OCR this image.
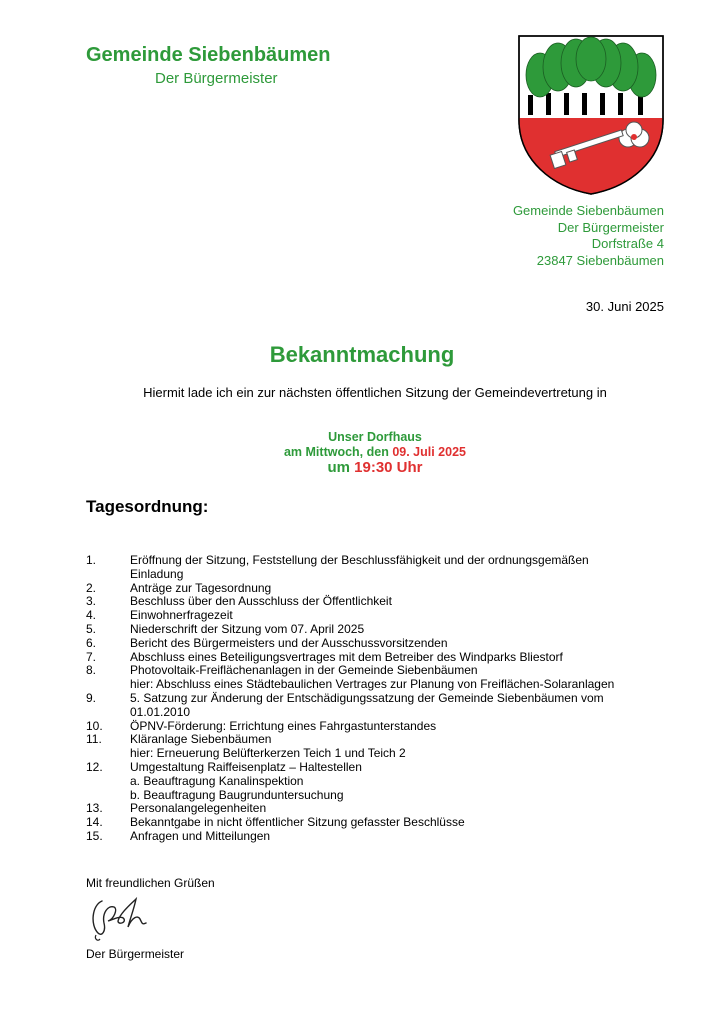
Gemeinde Siebenbäumen
Der Bürgermeister
Gemeinde Siebenbäumen
Der Bürgermeister
Dorfstraße 4
23847 Siebenbäumen
30. Juni 2025
Bekanntmachung
Hiermit lade ich ein zur nächsten öffentlichen Sitzung der Gemeindevertretung in
Unser Dorfhaus
am Mittwoch, den 09. Juli 2025
um 19:30 Uhr
Tagesordnung:
1.	Eröffnung der Sitzung, Feststellung der Beschlussfähigkeit und der ordnungsgemäßen
Einladung
2.	Anträge zur Tagesordnung
3.	Beschluss über den Ausschluss der Öffentlichkeit
4.	Einwohnerfragezeit
5.	Niederschrift der Sitzung vom 07. April 2025
6.	Bericht des Bürgermeisters und der Ausschussvorsitzenden
7.	Abschluss eines Beteiligungsvertrages mit dem Betreiber des Windparks Bliestorf
8.	Photovoltaik-Freiflächenanlagen in der Gemeinde Siebenbäumen
hier: Abschluss eines Städtebaulichen Vertrages zur Planung von Freiflächen-Solaranlagen
9.	5. Satzung zur Änderung der Entschädigungssatzung der Gemeinde Siebenbäumen vom
01.01.2010
10. ÖPNV-Förderung: Errichtung eines Fahrgastunterstandes
11. Kläranlage Siebenbäumen
hier: Erneuerung Belüfterkerzen Teich 1 und Teich 2
12. Umgestaltung Raiffeisenplatz – Haltestellen
a. Beauftragung Kanalinspektion
b. Beauftragung Baugrunduntersuchung
13. Personalangelegenheiten
14. Bekanntgabe in nicht öffentlicher Sitzung gefasster Beschlüsse
15. Anfragen und Mitteilungen
Mit freundlichen Grüßen
Der Bürgermeister
